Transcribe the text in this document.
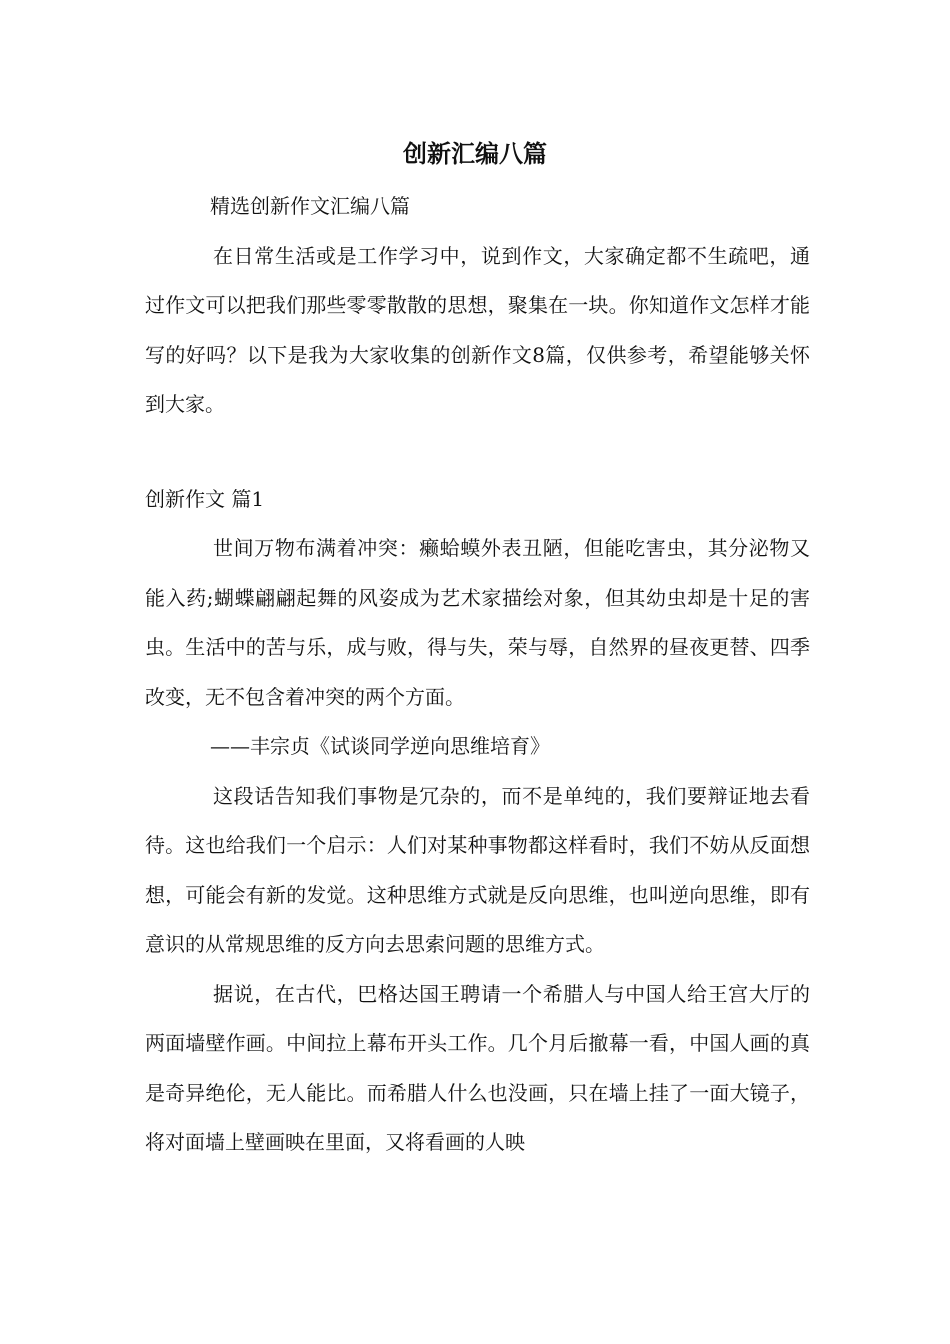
创新汇编八篇

精选创新作文汇编八篇

在日常生活或是工作学习中，说到作文，大家确定都不生疏吧，通过作文可以把我们那些零零散散的思想，聚集在一块。你知道作文怎样才能写的好吗？以下是我为大家收集的创新作文8篇，仅供参考，希望能够关怀到大家。

创新作文 篇1

世间万物布满着冲突：癞蛤蟆外表丑陋，但能吃害虫，其分泌物又能入药;蝴蝶翩翩起舞的风姿成为艺术家描绘对象，但其幼虫却是十足的害虫。生活中的苦与乐，成与败，得与失，荣与辱，自然界的昼夜更替、四季改变，无不包含着冲突的两个方面。

——丰宗贞《试谈同学逆向思维培育》

这段话告知我们事物是冗杂的，而不是单纯的，我们要辩证地去看待。这也给我们一个启示：人们对某种事物都这样看时，我们不妨从反面想想，可能会有新的发觉。这种思维方式就是反向思维，也叫逆向思维，即有意识的从常规思维的反方向去思索问题的思维方式。

据说，在古代，巴格达国王聘请一个希腊人与中国人给王宫大厅的两面墙壁作画。中间拉上幕布开头工作。几个月后撤幕一看，中国人画的真是奇异绝伦，无人能比。而希腊人什么也没画，只在墙上挂了一面大镜子，将对面墙上壁画映在里面，又将看画的人映
